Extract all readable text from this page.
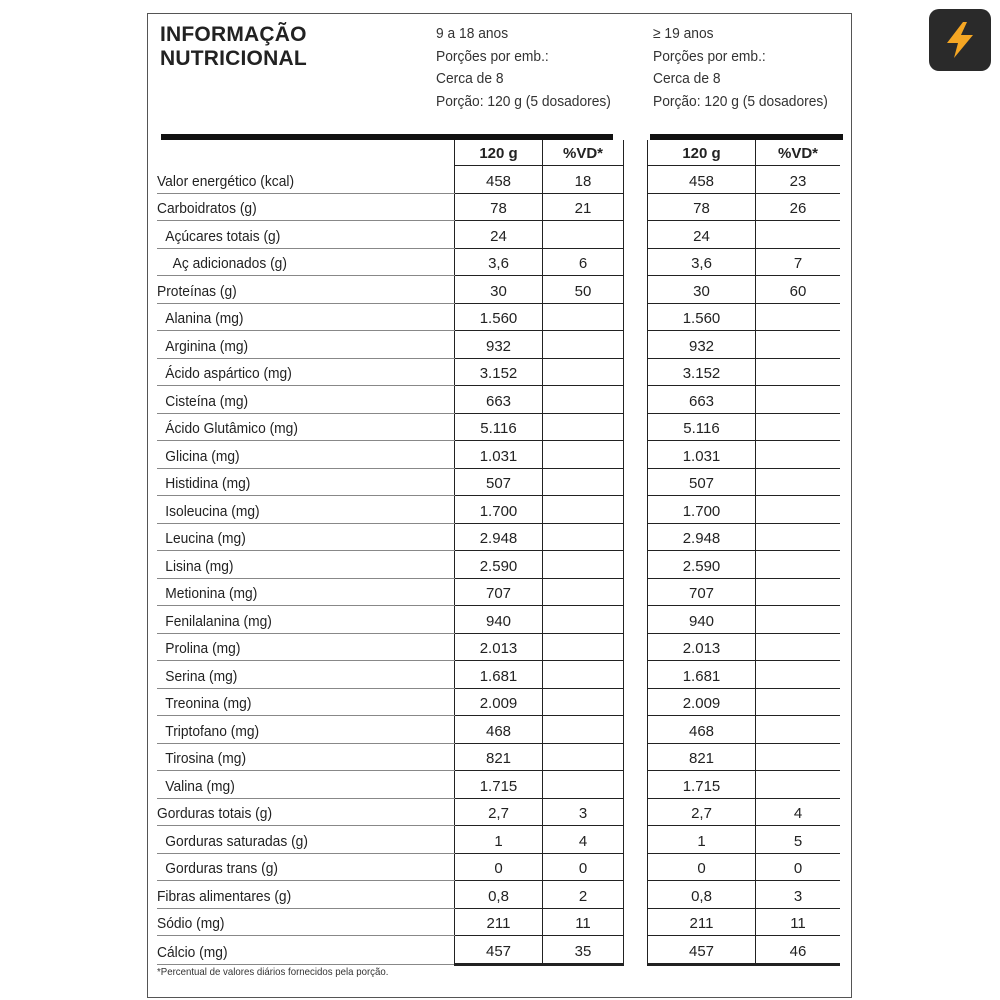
INFORMAÇÃO
NUTRICIONAL
9 a 18 anos
Porções por emb.:
Cerca de 8
Porção: 120 g (5 dosadores)
≥ 19 anos
Porções por emb.:
Cerca de 8
Porção: 120 g (5 dosadores)
	120 g	%VD*		120 g	%VD*
Valor energético (kcal)	458	18		458	23
Carboidratos (g)	78	21		78	26
Açúcares totais (g)	24			24	
Aç adicionados (g)	3,6	6		3,6	7
Proteínas (g)	30	50		30	60
Alanina (mg)	1.560			1.560	
Arginina (mg)	932			932	
Ácido aspártico (mg)	3.152			3.152	
Cisteína (mg)	663			663	
Ácido Glutâmico (mg)	5.116			5.116	
Glicina (mg)	1.031			1.031	
Histidina (mg)	507			507	
Isoleucina (mg)	1.700			1.700	
Leucina (mg)	2.948			2.948	
Lisina (mg)	2.590			2.590	
Metionina (mg)	707			707	
Fenilalanina (mg)	940			940	
Prolina (mg)	2.013			2.013	
Serina (mg)	1.681			1.681	
Treonina (mg)	2.009			2.009	
Triptofano (mg)	468			468	
Tirosina (mg)	821			821	
Valina (mg)	1.715			1.715	
Gorduras totais (g)	2,7	3		2,7	4
Gorduras saturadas (g)	1	4		1	5
Gorduras trans (g)	0	0		0	0
Fibras alimentares (g)	0,8	2		0,8	3
Sódio (mg)	211	11		211	11
Cálcio (mg)	457	35		457	46
*Percentual de valores diários fornecidos pela porção.
